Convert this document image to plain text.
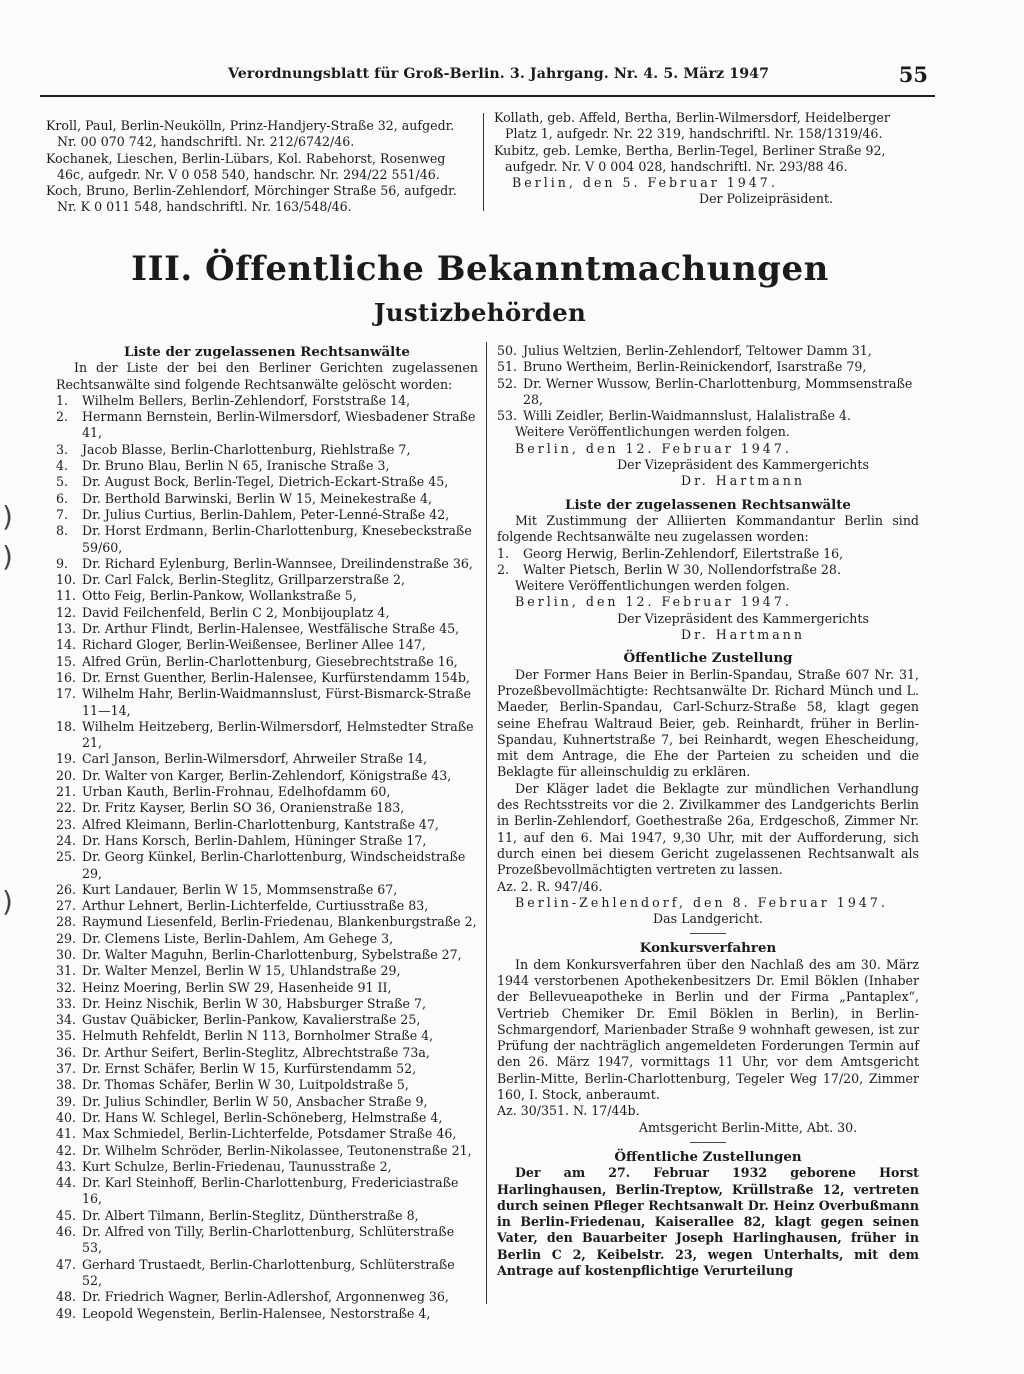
Verordnungsblatt für Groß-Berlin. 3. Jahrgang. Nr. 4. 5. März 1947	55
)
)
)

Kroll, Paul, Berlin-Neukölln, Prinz-Handjery-Straße 32, aufgedr. Nr. 00 070 742, handschriftl. Nr. 212/6742/46.

Kochanek, Lieschen, Berlin-Lübars, Kol. Rabehorst, Rosenweg 46c, aufgedr. Nr. V 0 058 540, handschr. Nr. 294/22 551/46.

Koch, Bruno, Berlin-Zehlendorf, Mörchinger Straße 56, aufgedr. Nr. K 0 011 548, handschriftl. Nr. 163/548/46.

Kollath, geb. Affeld, Bertha, Berlin-Wilmersdorf, Heidelberger Platz 1, aufgedr. Nr. 22 319, handschriftl. Nr. 158/1319/46.

Kubitz, geb. Lemke, Bertha, Berlin-Tegel, Berliner Straße 92, aufgedr. Nr. V 0 004 028, handschriftl. Nr. 293/88 46.

Berlin, den 5. Februar 1947.

Der Polizeipräsident.

III. Öffentliche Bekanntmachungen
Justizbehörden

Liste der zugelassenen Rechtsanwälte

In der Liste der bei den Berliner Gerichten zugelassenen Rechtsanwälte sind folgende Rechtsanwälte gelöscht worden:

1. Wilhelm Bellers, Berlin-Zehlendorf, Forststraße 14,
2. Hermann Bernstein, Berlin-Wilmersdorf, Wiesbadener Straße 41,
3. Jacob Blasse, Berlin-Charlottenburg, Riehlstraße 7,
4. Dr. Bruno Blau, Berlin N 65, Iranische Straße 3,
5. Dr. August Bock, Berlin-Tegel, Dietrich-Eckart-Straße 45,
6. Dr. Berthold Barwinski, Berlin W 15, Meinekestraße 4,
7. Dr. Julius Curtius, Berlin-Dahlem, Peter-Lenné-Straße 42,
8. Dr. Horst Erdmann, Berlin-Charlottenburg, Knesebeckstraße 59/60,
9. Dr. Richard Eylenburg, Berlin-Wannsee, Dreilindenstraße 36,
10. Dr. Carl Falck, Berlin-Steglitz, Grillparzerstraße 2,
11. Otto Feig, Berlin-Pankow, Wollankstraße 5,
12. David Feilchenfeld, Berlin C 2, Monbijouplatz 4,
13. Dr. Arthur Flindt, Berlin-Halensee, Westfälische Straße 45,
14. Richard Gloger, Berlin-Weißensee, Berliner Allee 147,
15. Alfred Grün, Berlin-Charlottenburg, Giesebrechtstraße 16,
16. Dr. Ernst Guenther, Berlin-Halensee, Kurfürstendamm 154b,
17. Wilhelm Hahr, Berlin-Waidmannslust, Fürst-Bismarck-Straße 11—14,
18. Wilhelm Heitzeberg, Berlin-Wilmersdorf, Helmstedter Straße 21,
19. Carl Janson, Berlin-Wilmersdorf, Ahrweiler Straße 14,
20. Dr. Walter von Karger, Berlin-Zehlendorf, Königstraße 43,
21. Urban Kauth, Berlin-Frohnau, Edelhofdamm 60,
22. Dr. Fritz Kayser, Berlin SO 36, Oranienstraße 183,
23. Alfred Kleimann, Berlin-Charlottenburg, Kantstraße 47,
24. Dr. Hans Korsch, Berlin-Dahlem, Hüninger Straße 17,
25. Dr. Georg Künkel, Berlin-Charlottenburg, Windscheidstraße 29,
26. Kurt Landauer, Berlin W 15, Mommsenstraße 67,
27. Arthur Lehnert, Berlin-Lichterfelde, Curtiusstraße 83,
28. Raymund Liesenfeld, Berlin-Friedenau, Blankenburgstraße 2,
29. Dr. Clemens Liste, Berlin-Dahlem, Am Gehege 3,
30. Dr. Walter Maguhn, Berlin-Charlottenburg, Sybelstraße 27,
31. Dr. Walter Menzel, Berlin W 15, Uhlandstraße 29,
32. Heinz Moering, Berlin SW 29, Hasenheide 91 II,
33. Dr. Heinz Nischik, Berlin W 30, Habsburger Straße 7,
34. Gustav Quäbicker, Berlin-Pankow, Kavalierstraße 25,
35. Helmuth Rehfeldt, Berlin N 113, Bornholmer Straße 4,
36. Dr. Arthur Seifert, Berlin-Steglitz, Albrechtstraße 73a,
37. Dr. Ernst Schäfer, Berlin W 15, Kurfürstendamm 52,
38. Dr. Thomas Schäfer, Berlin W 30, Luitpoldstraße 5,
39. Dr. Julius Schindler, Berlin W 50, Ansbacher Straße 9,
40. Dr. Hans W. Schlegel, Berlin-Schöneberg, Helmstraße 4,
41. Max Schmiedel, Berlin-Lichterfelde, Potsdamer Straße 46,
42. Dr. Wilhelm Schröder, Berlin-Nikolassee, Teutonenstraße 21,
43. Kurt Schulze, Berlin-Friedenau, Taunusstraße 2,
44. Dr. Karl Steinhoff, Berlin-Charlottenburg, Fredericiastraße 16,
45. Dr. Albert Tilmann, Berlin-Steglitz, Düntherstraße 8,
46. Dr. Alfred von Tilly, Berlin-Charlottenburg, Schlüterstraße 53,
47. Gerhard Trustaedt, Berlin-Charlottenburg, Schlüterstraße 52,
48. Dr. Friedrich Wagner, Berlin-Adlershof, Argonnenweg 36,
49. Leopold Wegenstein, Berlin-Halensee, Nestorstraße 4,
50. Julius Weltzien, Berlin-Zehlendorf, Teltower Damm 31,
51. Bruno Wertheim, Berlin-Reinickendorf, Isarstraße 79,
52. Dr. Werner Wussow, Berlin-Charlottenburg, Mommsenstraße 28,
53. Willi Zeidler, Berlin-Waidmannslust, Halalistraße 4.

Weitere Veröffentlichungen werden folgen.

Berlin, den 12. Februar 1947.

Der Vizepräsident des Kammergerichts

Dr. Hartmann

Liste der zugelassenen Rechtsanwälte

Mit Zustimmung der Alliierten Kommandantur Berlin sind folgende Rechtsanwälte neu zugelassen worden:

1. Georg Herwig, Berlin-Zehlendorf, Eilertstraße 16,
2. Walter Pietsch, Berlin W 30, Nollendorfstraße 28.

Weitere Veröffentlichungen werden folgen.

Berlin, den 12. Februar 1947.

Der Vizepräsident des Kammergerichts

Dr. Hartmann

Öffentliche Zustellung

Der Former Hans Beier in Berlin-Spandau, Straße 607 Nr. 31, Prozeßbevollmächtigte: Rechtsanwälte Dr. Richard Münch und L. Maeder, Berlin-Spandau, Carl-Schurz-Straße 58, klagt gegen seine Ehefrau Waltraud Beier, geb. Reinhardt, früher in Berlin-Spandau, Kuhnertstraße 7, bei Reinhardt, wegen Ehescheidung, mit dem Antrage, die Ehe der Parteien zu scheiden und die Beklagte für alleinschuldig zu erklären.

Der Kläger ladet die Beklagte zur mündlichen Verhandlung des Rechtsstreits vor die 2. Zivilkammer des Landgerichts Berlin in Berlin-Zehlendorf, Goethestraße 26a, Erdgeschoß, Zimmer Nr. 11, auf den 6. Mai 1947, 9,30 Uhr, mit der Aufforderung, sich durch einen bei diesem Gericht zugelassenen Rechtsanwalt als Prozeßbevollmächtigten vertreten zu lassen.

Az. 2. R. 947/46.

Berlin-Zehlendorf, den 8. Februar 1947.

Das Landgericht.

Konkursverfahren

In dem Konkursverfahren über den Nachlaß des am 30. März 1944 verstorbenen Apothekenbesitzers Dr. Emil Böklen (Inhaber der Bellevueapotheke in Berlin und der Firma „Pantaplex“, Vertrieb Chemiker Dr. Emil Böklen in Berlin), in Berlin-Schmargendorf, Marienbader Straße 9 wohnhaft gewesen, ist zur Prüfung der nachträglich angemeldeten Forderungen Termin auf den 26. März 1947, vormittags 11 Uhr, vor dem Amtsgericht Berlin-Mitte, Berlin-Charlottenburg, Tegeler Weg 17/20, Zimmer 160, I. Stock, anberaumt.

Az. 30/351. N. 17/44b.

Amtsgericht Berlin-Mitte, Abt. 30.

Öffentliche Zustellungen

Der am 27. Februar 1932 geborene Horst Harlinghausen, Berlin-Treptow, Krüllstraße 12, vertreten durch seinen Pfleger Rechtsanwalt Dr. Heinz Overbußmann in Berlin-Friedenau, Kaiserallee 82, klagt gegen seinen Vater, den Bauarbeiter Joseph Harlinghausen, früher in Berlin C 2, Keibelstr. 23, wegen Unterhalts, mit dem Antrage auf kostenpflichtige Verurteilung
